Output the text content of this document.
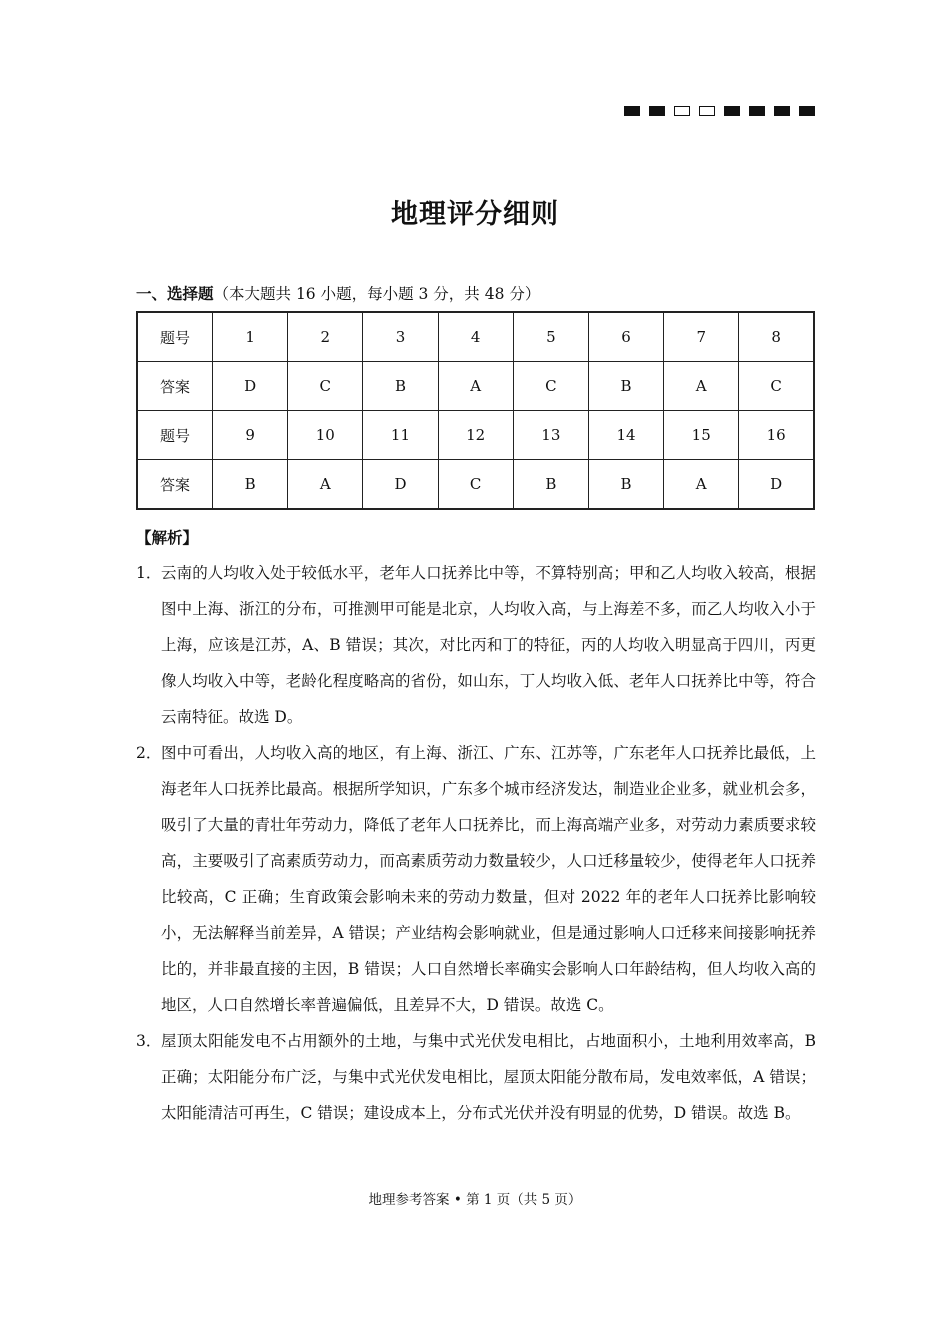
地理评分细则
一、选择题（本大题共 16 小题，每小题 3 分，共 48 分）
题号	1	2	3	4	5	6	7	8
答案	D	C	B	A	C	B	A	C
题号	9	10	11	12	13	14	15	16
答案	B	A	D	C	B	B	A	D
【解析】
1． 云南的人均收入处于较低水平，老年人口抚养比中等，不算特别高；甲和乙人均收入较高，根据图中上海、浙江的分布，可推测甲可能是北京，人均收入高，与上海差不多，而乙人均收入小于上海，应该是江苏，A、B 错误；其次，对比丙和丁的特征，丙的人均收入明显高于四川，丙更像人均收入中等，老龄化程度略高的省份，如山东，丁人均收入低、老年人口抚养比中等，符合云南特征。故选 D。
2． 图中可看出，人均收入高的地区，有上海、浙江、广东、江苏等，广东老年人口抚养比最低，上海老年人口抚养比最高。根据所学知识，广东多个城市经济发达，制造业企业多，就业机会多，吸引了大量的青壮年劳动力，降低了老年人口抚养比，而上海高端产业多，对劳动力素质要求较高，主要吸引了高素质劳动力，而高素质劳动力数量较少，人口迁移量较少，使得老年人口抚养比较高，C 正确；生育政策会影响未来的劳动力数量，但对 2022 年的老年人口抚养比影响较小，无法解释当前差异，A 错误；产业结构会影响就业，但是通过影响人口迁移来间接影响抚养比的，并非最直接的主因，B 错误；人口自然增长率确实会影响人口年龄结构，但人均收入高的地区，人口自然增长率普遍偏低，且差异不大，D 错误。故选 C。
3． 屋顶太阳能发电不占用额外的土地，与集中式光伏发电相比，占地面积小，土地利用效率高，B 正确；太阳能分布广泛，与集中式光伏发电相比，屋顶太阳能分散布局，发电效率低，A 错误；太阳能清洁可再生，C 错误；建设成本上，分布式光伏并没有明显的优势，D 错误。故选 B。
地理参考答案 • 第 1 页（共 5 页）
